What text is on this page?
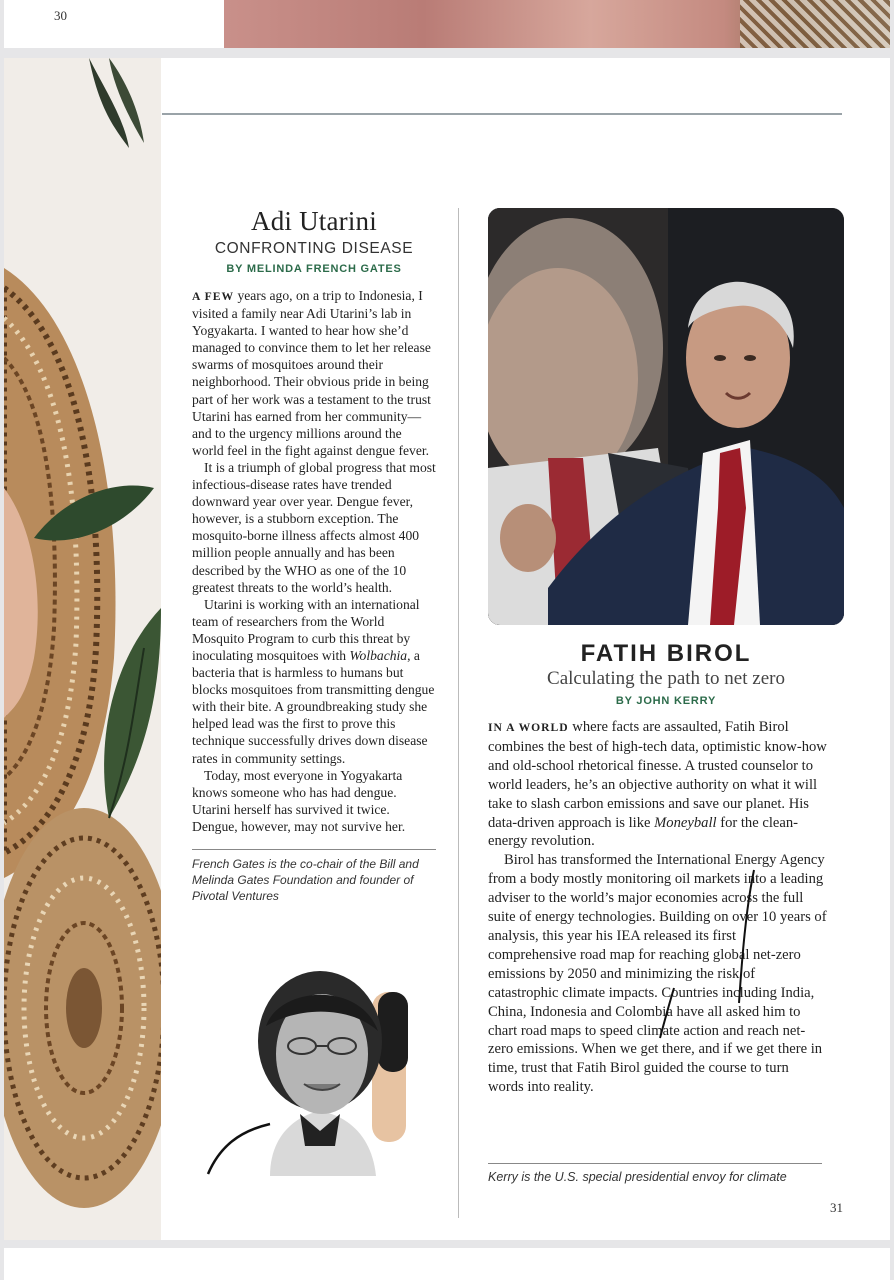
30
Adi Utarini
CONFRONTING DISEASE
BY MELINDA FRENCH GATES

A FEW years ago, on a trip to Indonesia, I visited a family near Adi Utarini’s lab in Yogyakarta. I wanted to hear how she’d managed to convince them to let her release swarms of mosquitoes around their neighborhood. Their obvious pride in being part of her work was a testament to the trust Utarini has earned from her community—and to the urgency millions around the world feel in the fight against dengue fever.

It is a triumph of global progress that most infectious-disease rates have trended downward year over year. Dengue fever, however, is a stubborn exception. The mosquito-borne illness affects almost 400 million people annually and has been described by the WHO as one of the 10 greatest threats to the world’s health.

Utarini is working with an international team of researchers from the World Mosquito Program to curb this threat by inoculating mosquitoes with Wolbachia, a bacteria that is harmless to humans but blocks mosquitoes from transmitting dengue with their bite. A groundbreaking study she helped lead was the first to prove this technique successfully drives down disease rates in community settings.

Today, most everyone in Yogyakarta knows someone who has had dengue. Utarini herself has survived it twice. Dengue, however, may not survive her.

French Gates is the co-chair of the Bill and Melinda Gates Foundation and founder of Pivotal Ventures
FATIH BIROL
Calculating the path to net zero
BY JOHN KERRY

IN A WORLD where facts are assaulted, Fatih Birol combines the best of high-tech data, optimistic know-how and old-school rhetorical finesse. A trusted counselor to world leaders, he’s an objective authority on what it will take to slash carbon emissions and save our planet. His data-driven approach is like Moneyball for the clean-energy revolution.

Birol has transformed the International Energy Agency from a body mostly monitoring oil markets into a leading adviser to the world’s major economies across the full suite of energy technologies. Building on over 10 years of analysis, this year his IEA released its first comprehensive road map for reaching global net-zero emissions by 2050 and minimizing the risk of catastrophic climate impacts. Countries including India, China, Indonesia and Colombia have all asked him to chart road maps to speed climate action and reach net-zero emissions. When we get there, and if we get there in time, trust that Fatih Birol guided the course to turn words into reality.

Kerry is the U.S. special presidential envoy for climate
31
